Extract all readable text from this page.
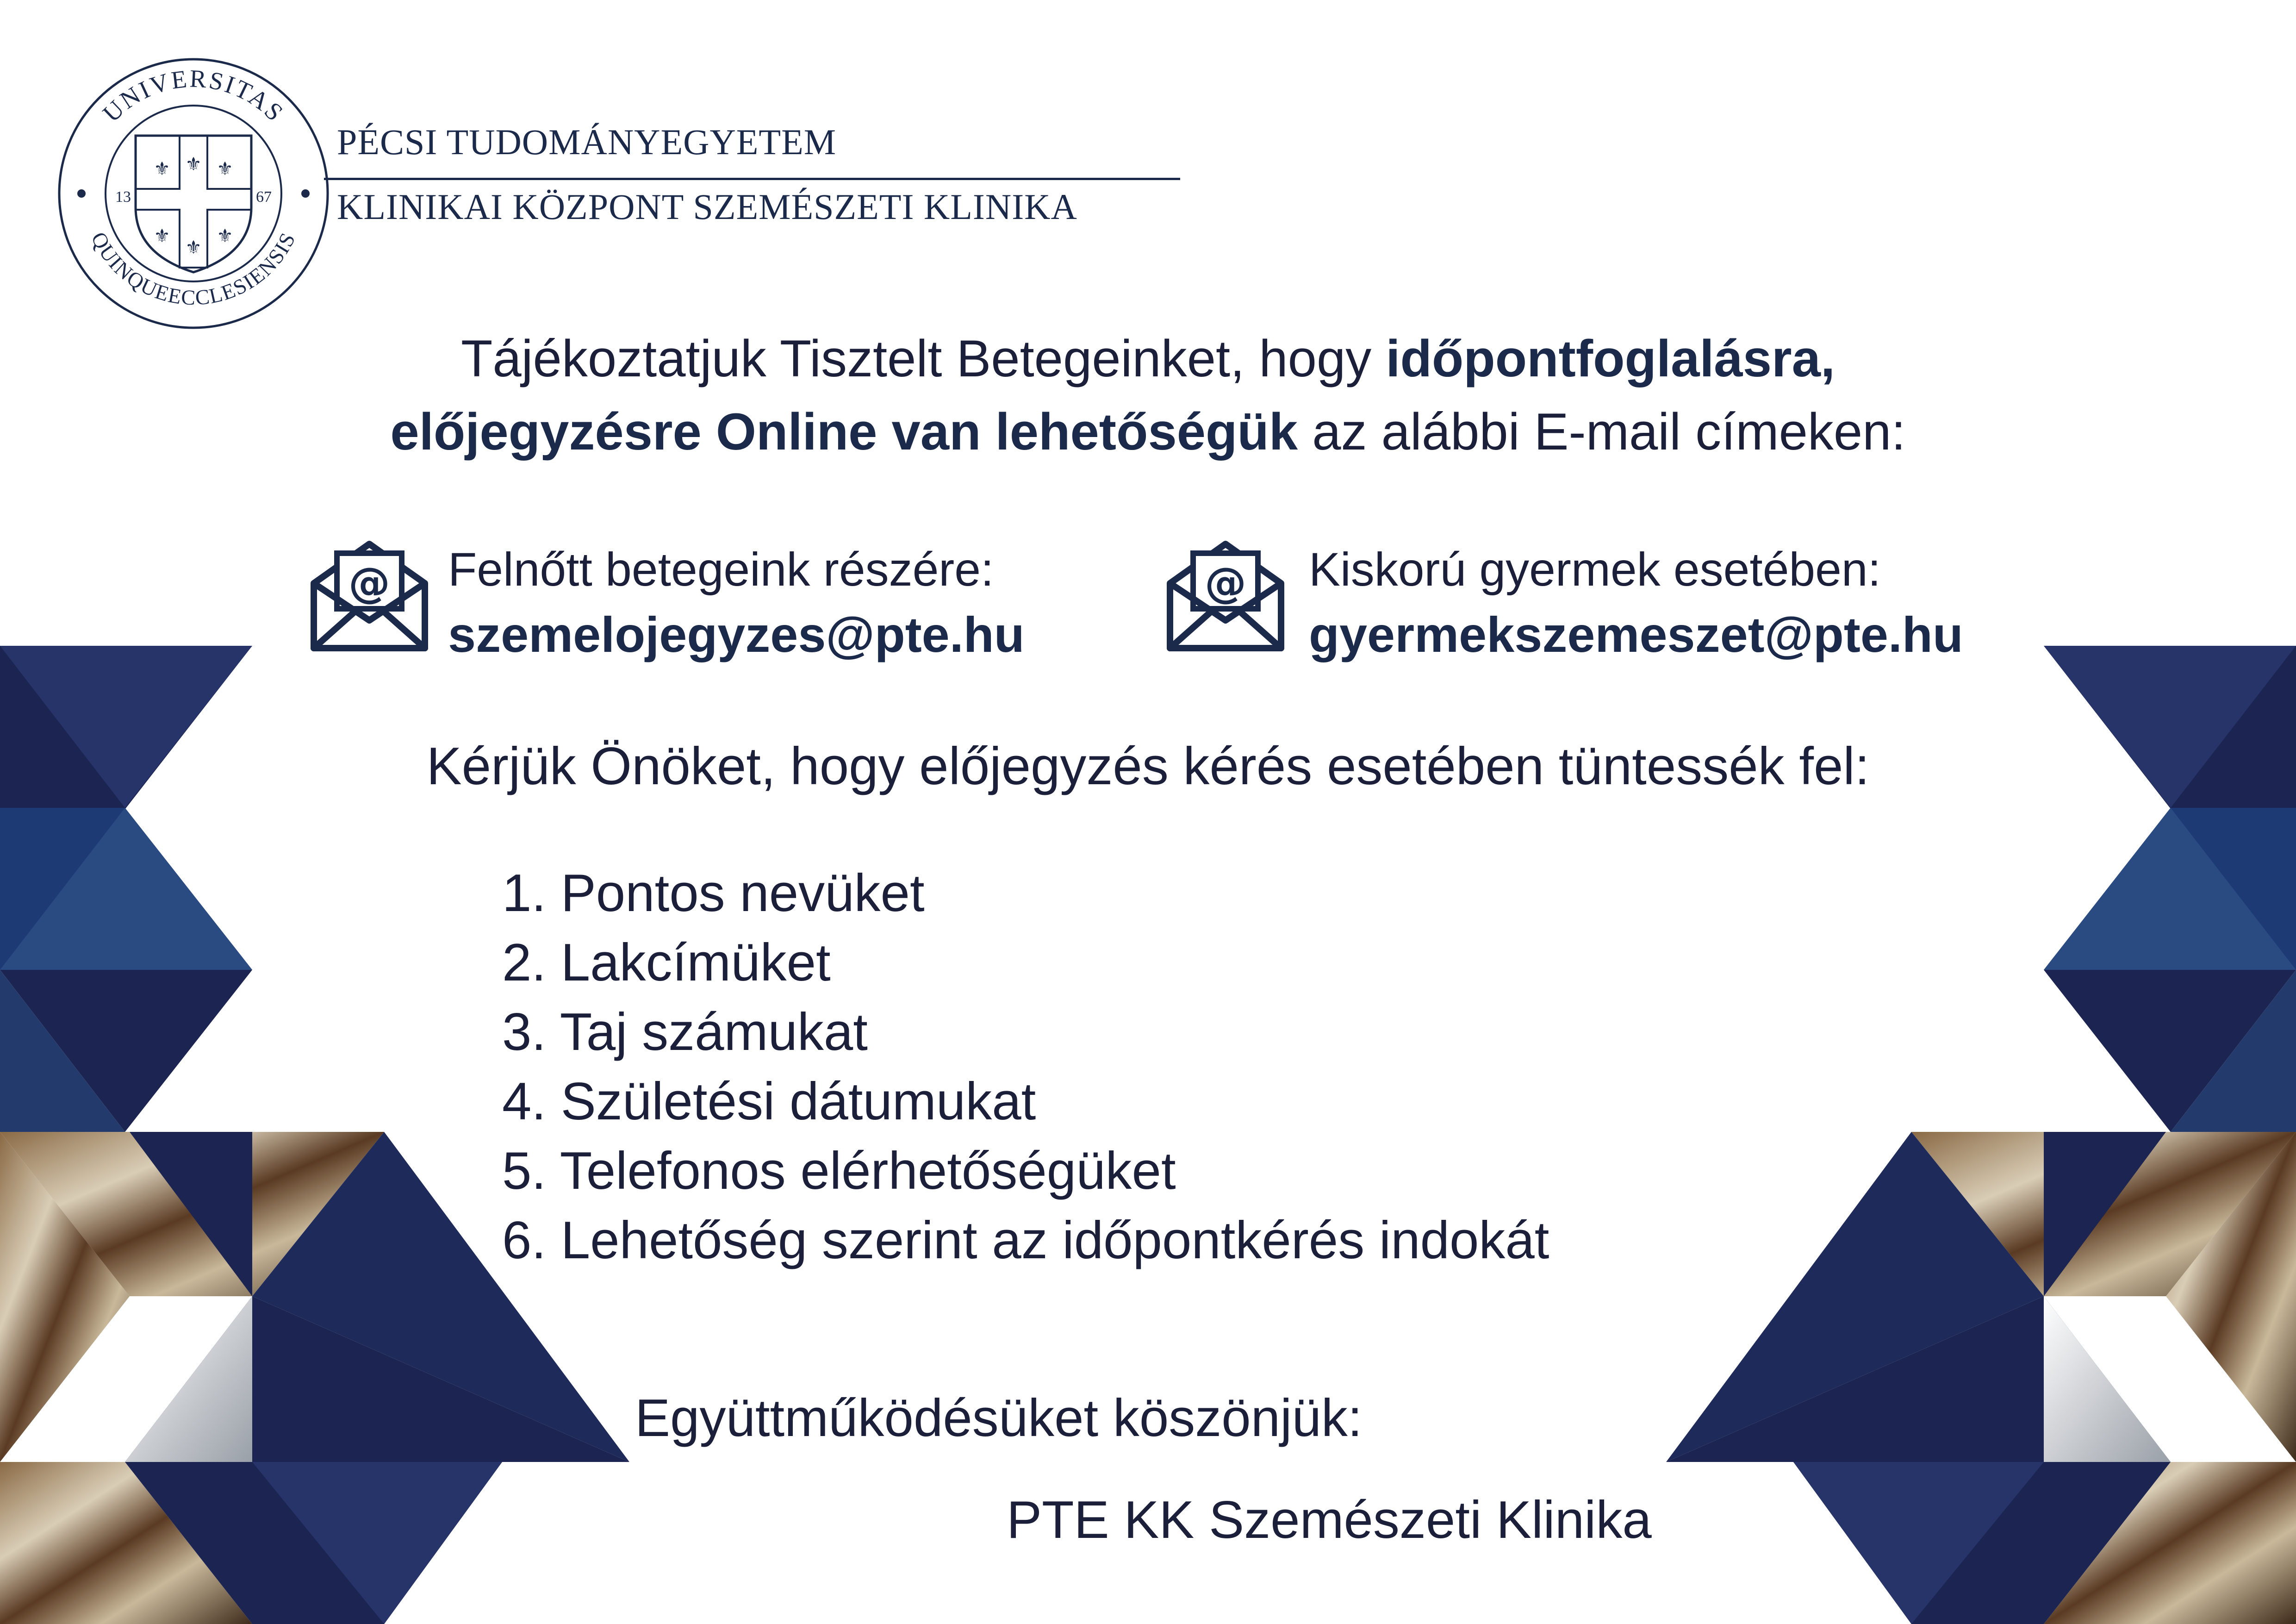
UNIVERSITAS
QUINQUEECCLESIENSIS
⚜	⚜
⚜	⚜
⚜
⚜
13	67
PÉCSI TUDOMÁNYEGYETEM
KLINIKAI KÖZPONT SZEMÉSZETI KLINIKA
Tájékoztatjuk Tisztelt Betegeinket, hogy időpontfoglalásra,
előjegyzésre Online van lehetőségük az alábbi E-mail címeken:
@ Felnőtt betegeink részére:
szemelojegyzes@pte.hu
@ Kiskorú gyermek esetében:
gyermekszemeszet@pte.hu
Kérjük Önöket, hogy előjegyzés kérés esetében tüntessék fel:
1. Pontos nevüket
2. Lakcímüket
3. Taj számukat
4. Születési dátumukat
5. Telefonos elérhetőségüket
6. Lehetőség szerint az időpontkérés indokát
Együttműködésüket köszönjük:
PTE KK Szemészeti Klinika
